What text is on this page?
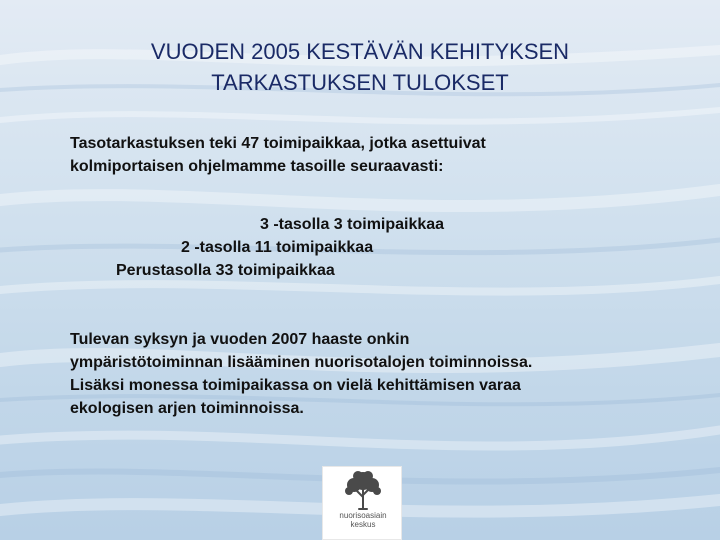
VUODEN 2005 KESTÄVÄN KEHITYKSEN
TARKASTUKSEN TULOKSET
Tasotarkastuksen teki 47 toimipaikkaa, jotka asettuivat
kolmiportaisen ohjelmamme tasoille seuraavasti:
3 -tasolla 3 toimipaikkaa
2 -tasolla 11 toimipaikkaa
Perustasolla 33 toimipaikkaa
Tulevan syksyn ja vuoden 2007 haaste onkin
ympäristötoiminnan lisääminen nuorisotalojen toiminnoissa.
Lisäksi monessa toimipaikassa on vielä kehittämisen varaa
ekologisen arjen toiminnoissa.
nuorisoasiain
keskus
